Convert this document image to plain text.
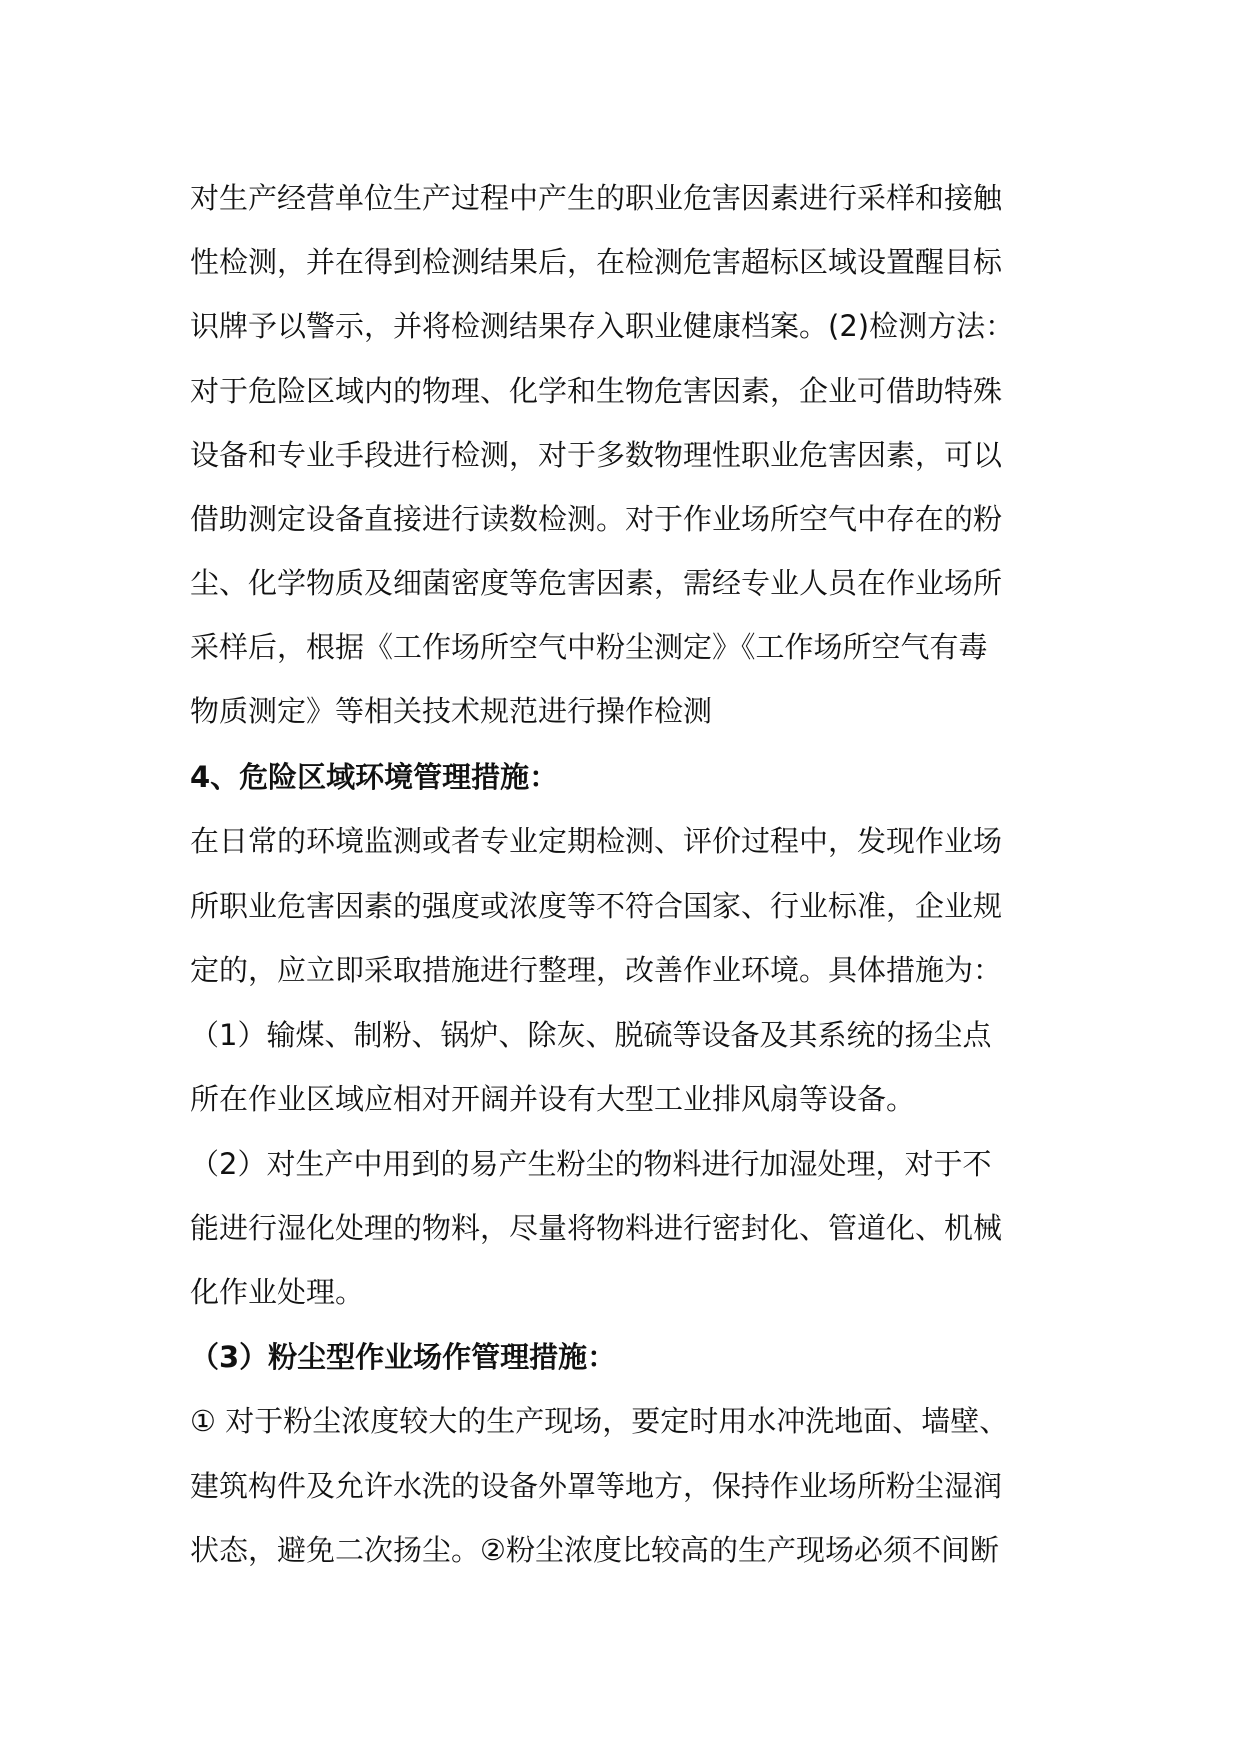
对生产经营单位生产过程中产生的职业危害因素进行采样和接触
性检测，并在得到检测结果后，在检测危害超标区域设置醒目标
识牌予以警示，并将检测结果存入职业健康档案。(2)检测方法：
对于危险区域内的物理、化学和生物危害因素，企业可借助特殊
设备和专业手段进行检测，对于多数物理性职业危害因素，可以
借助测定设备直接进行读数检测。对于作业场所空气中存在的粉
尘、化学物质及细菌密度等危害因素，需经专业人员在作业场所
采样后，根据《工作场所空气中粉尘测定》《工作场所空气有毒
物质测定》等相关技术规范进行操作检测
4、危险区域环境管理措施：
在日常的环境监测或者专业定期检测、评价过程中，发现作业场
所职业危害因素的强度或浓度等不符合国家、行业标准，企业规
定的，应立即采取措施进行整理，改善作业环境。具体措施为：
（1）输煤、制粉、锅炉、除灰、脱硫等设备及其系统的扬尘点
所在作业区域应相对开阔并设有大型工业排风扇等设备。
（2）对生产中用到的易产生粉尘的物料进行加湿处理，对于不
能进行湿化处理的物料，尽量将物料进行密封化、管道化、机械
化作业处理。
（3）粉尘型作业场作管理措施：
① 对于粉尘浓度较大的生产现场，要定时用水冲洗地面、墙壁、
建筑构件及允许水洗的设备外罩等地方，保持作业场所粉尘湿润
状态，避免二次扬尘。②粉尘浓度比较高的生产现场必须不间断
